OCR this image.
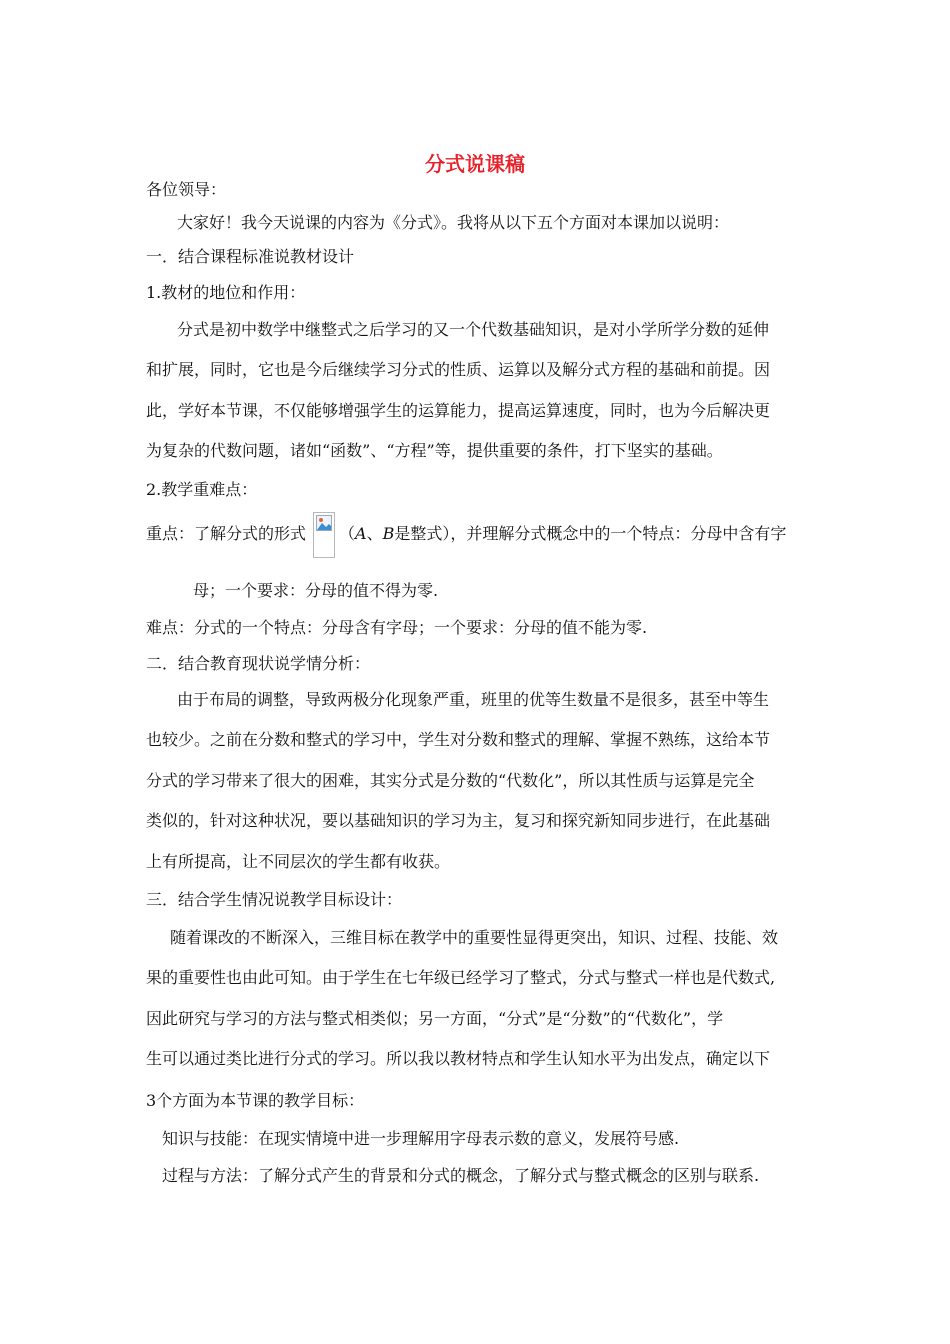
分式说课稿
各位领导：
大家好！我今天说课的内容为《分式》。我将从以下五个方面对本课加以说明：
一．结合课程标准说教材设计
1.教材的地位和作用：
分式是初中数学中继整式之后学习的又一个代数基础知识，是对小学所学分数的延伸
和扩展，同时，它也是今后继续学习分式的性质、运算以及解分式方程的基础和前提。因
此，学好本节课，不仅能够增强学生的运算能力，提高运算速度，同时，也为今后解决更
为复杂的代数问题，诸如“函数”、“方程”等，提供重要的条件，打下坚实的基础。
2.教学重难点：
重点：了解分式的形式 （A、B是整式），并理解分式概念中的一个特点：分母中含有字
母；一个要求：分母的值不得为零.
难点：分式的一个特点：分母含有字母；一个要求：分母的值不能为零.
二．结合教育现状说学情分析：
由于布局的调整，导致两极分化现象严重，班里的优等生数量不是很多，甚至中等生
也较少。之前在分数和整式的学习中，学生对分数和整式的理解、掌握不熟练，这给本节
分式的学习带来了很大的困难，其实分式是分数的“代数化”，所以其性质与运算是完全
类似的，针对这种状况，要以基础知识的学习为主，复习和探究新知同步进行，在此基础
上有所提高，让不同层次的学生都有收获。
三．结合学生情况说教学目标设计：
随着课改的不断深入，三维目标在教学中的重要性显得更突出，知识、过程、技能、效
果的重要性也由此可知。由于学生在七年级已经学习了整式，分式与整式一样也是代数式,
因此研究与学习的方法与整式相类似；另一方面，“分式”是“分数”的“代数化”，学
生可以通过类比进行分式的学习。所以我以教材特点和学生认知水平为出发点，确定以下
3个方面为本节课的教学目标：
知识与技能：在现实情境中进一步理解用字母表示数的意义，发展符号感.
过程与方法：了解分式产生的背景和分式的概念，了解分式与整式概念的区别与联系.
